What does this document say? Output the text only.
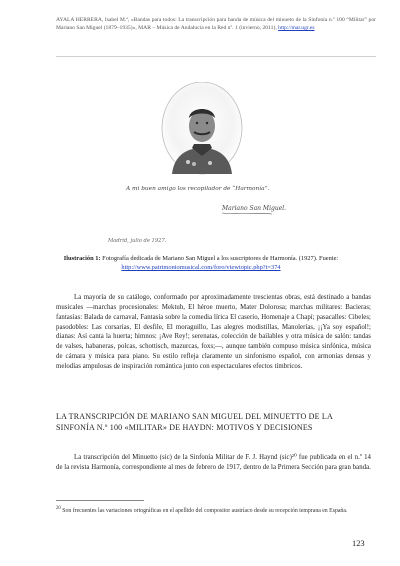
AYALA HERRERA, Isabel M.ª, «Bandas para todos: La transcripción para banda de música del minueto de la Sinfonía n.º 100 “Militar” por Mariano San Miguel (1879–1935)», MAR – Música de Andalucía en la Red nº. 1 (invierno, 2011), http://mar.ugr.es
A mi buen amigo los recopilador de “Harmonía”.
Mariano San Miguel.
Madrid, julio de 1927.
Ilustración 1: Fotografía dedicada de Mariano San Miguel a los suscriptores de Harmonía. (1927). Fuente: http://www.patrimoniomusical.com/foro/viewtopic.php?t=374

La mayoría de su catálogo, conformado por aproximadamente trescientas obras, está destinado a bandas musicales —marchas procesionales: Mektub, El héroe muerto, Mater Dolorosa; marchas militares: Bacieras; fantasías: Balada de carnaval, Fantasía sobre la comedia lírica El caserío, Homenaje a Chapí; pasacalles: Cibeles; pasodobles: Las corsarias, El desfile, El moraguillo, Las alegres modistillas, Manolerías, ¡¡Ya soy español!; dianas: Así canta la huerta; himnos: ¡Ave Rey!; serenatas, colección de bailables y otra música de salón: tandas de valses, habaneras, polcas, schottisch, mazurcas, foxs;—, aunque también compuso música sinfónica, música de cámara y música para piano. Su estilo refleja claramente un sinfonismo español, con armonías densas y melodías ampulosas de inspiración romántica junto con espectaculares efectos tímbricos.

LA TRANSCRIPCIÓN DE MARIANO SAN MIGUEL DEL MINUETTO DE LA SINFONÍA N.º 100 «MILITAR» DE HAYDN: MOTIVOS Y DECISIONES

La transcripción del Minuetto (sic) de la Sinfonía Militar de F. J. Haynd (sic)²⁰ fue publicada en el n.º 14 de la revista Harmonía, correspondiente al mes de febrero de 1917, dentro de la Primera Sección para gran banda.

$^{20}$ Son frecuentes las variaciones ortográficas en el apellido del compositor austríaco desde su recepción temprana en España.
123
